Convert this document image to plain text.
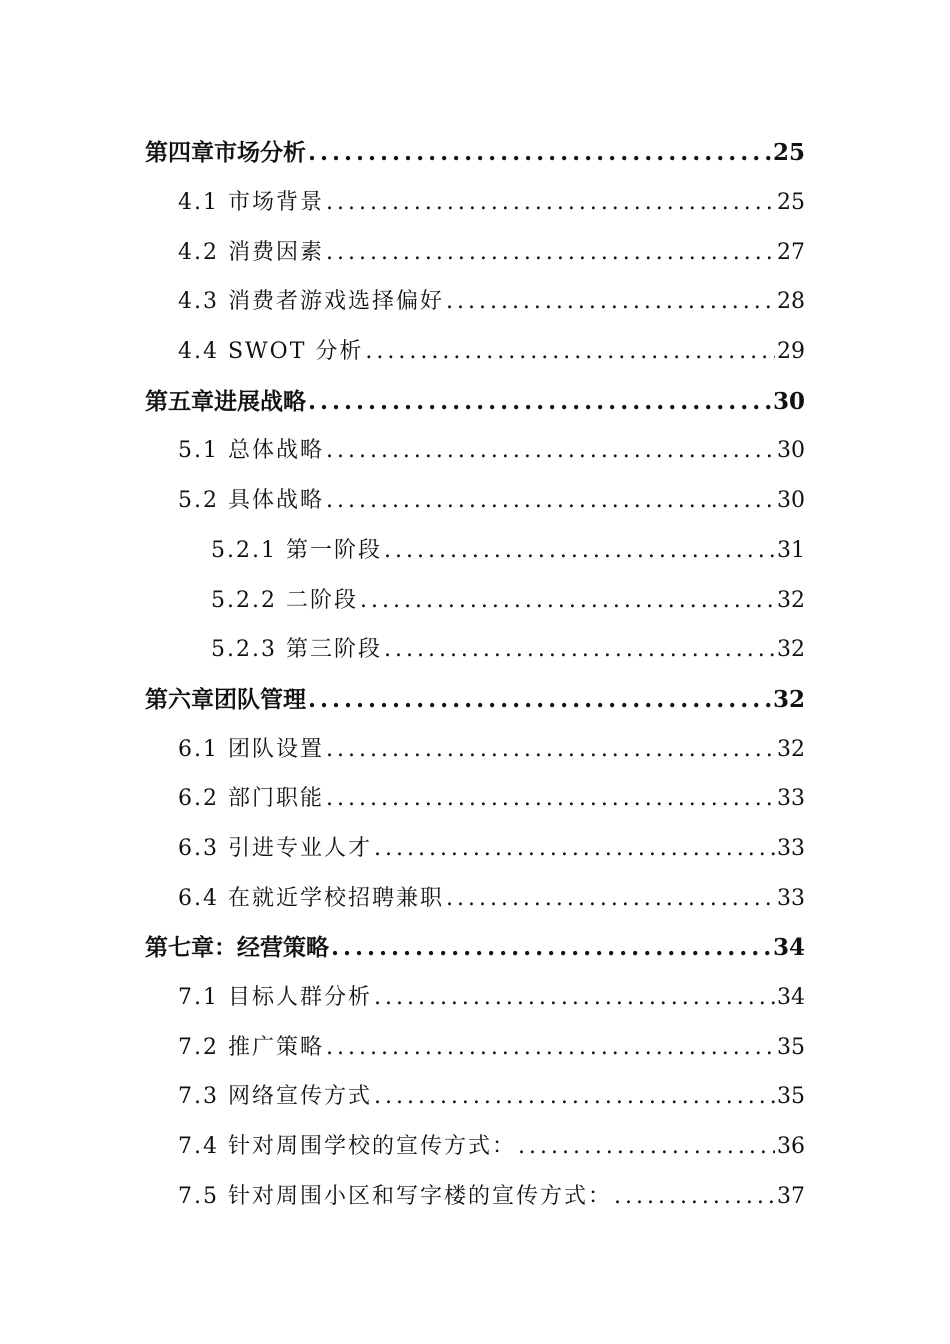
第四章市场分析 .....	25
4.1 市场背景 .....	25
4.2 消费因素 .....	27
4.3 消费者游戏选择偏好 .....	28
4.4 SWOT 分析 .....	29
第五章进展战略 .....	30
5.1 总体战略 .....	30
5.2 具体战略 .....	30
5.2.1 第一阶段 .....	31
5.2.2 二阶段 .....	32
5.2.3 第三阶段 .....	32
第六章团队管理 .....	32
6.1 团队设置 .....	32
6.2 部门职能 .....	33
6.3 引进专业人才 .....	33
6.4 在就近学校招聘兼职 .....	33
第七章：经营策略 .....	34
7.1 目标人群分析 .....	34
7.2 推广策略 .....	35
7.3 网络宣传方式 .....	35
7.4 针对周围学校的宣传方式： .....	36
7.5 针对周围小区和写字楼的宣传方式： .....	37
